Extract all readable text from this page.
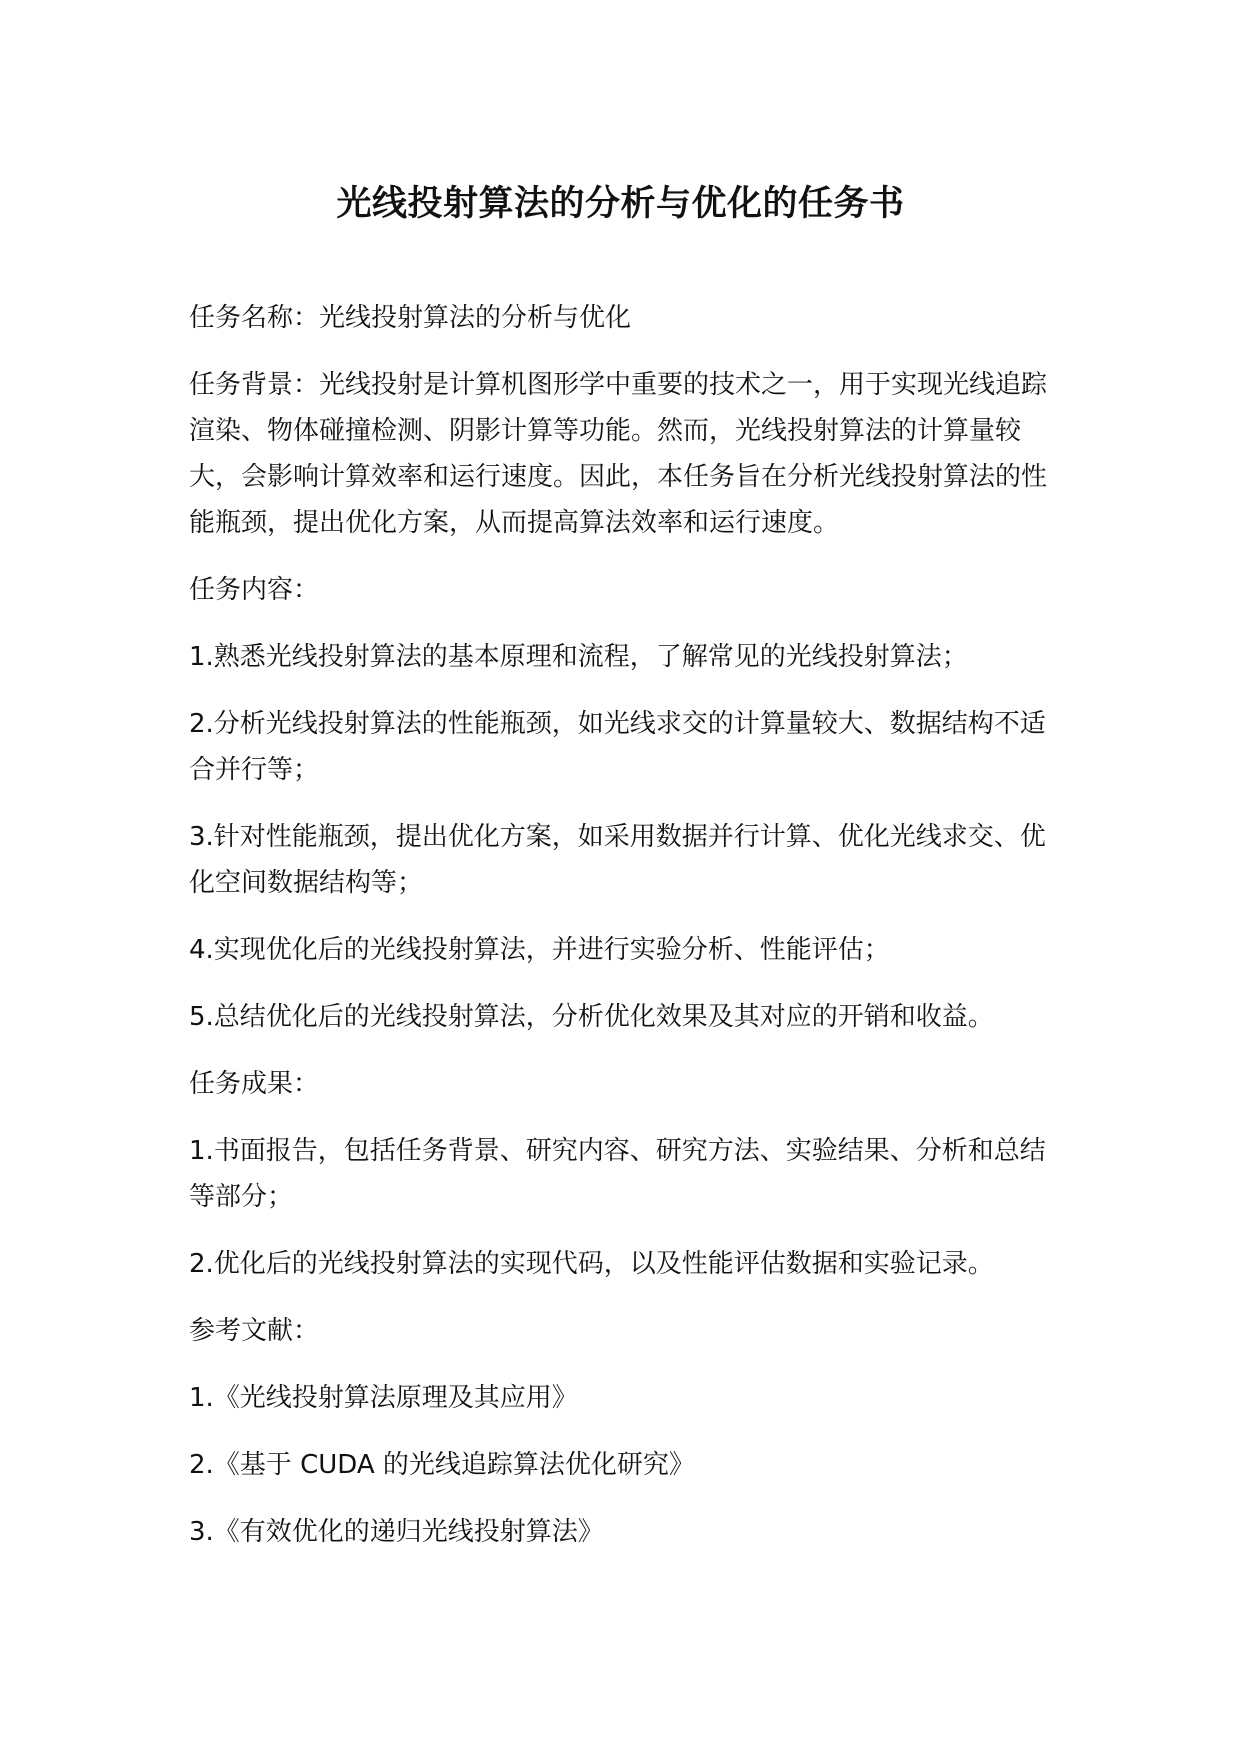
光线投射算法的分析与优化的任务书

任务名称：光线投射算法的分析与优化

任务背景：光线投射是计算机图形学中重要的技术之一，用于实现光线追踪渲染、物体碰撞检测、阴影计算等功能。然而，光线投射算法的计算量较大，会影响计算效率和运行速度。因此，本任务旨在分析光线投射算法的性能瓶颈，提出优化方案，从而提高算法效率和运行速度。

任务内容：

1.熟悉光线投射算法的基本原理和流程，了解常见的光线投射算法；

2.分析光线投射算法的性能瓶颈，如光线求交的计算量较大、数据结构不适合并行等；

3.针对性能瓶颈，提出优化方案，如采用数据并行计算、优化光线求交、优化空间数据结构等；

4.实现优化后的光线投射算法，并进行实验分析、性能评估；

5.总结优化后的光线投射算法，分析优化效果及其对应的开销和收益。

任务成果：

1.书面报告，包括任务背景、研究内容、研究方法、实验结果、分析和总结等部分；

2.优化后的光线投射算法的实现代码，以及性能评估数据和实验记录。

参考文献：

1.《光线投射算法原理及其应用》

2.《基于 CUDA 的光线追踪算法优化研究》

3.《有效优化的递归光线投射算法》
